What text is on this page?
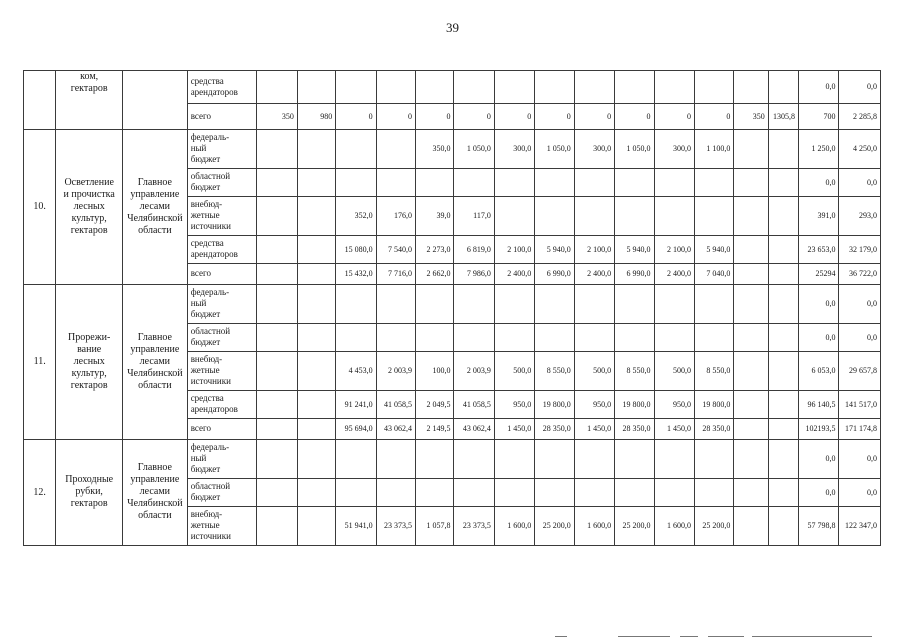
39
	ком,
гектаров		средства
арендаторов															0,0	0,0
			всего	350	980	0	0	0	0	0	0	0	0	0	0	350	1305,8	700	2 285,8
10.	Осветление
и прочистка
лесных
культур,
гектаров	Главное
управление
лесами
Челябинской
области	федераль-
ный
бюджет					350,0	1 050,0	300,0	1 050,0	300,0	1 050,0	300,0	1 100,0			1 250,0	4 250,0
			областной
бюджет															0,0	0,0
			внебюд-
жетные
источники			352,0	176,0	39,0	117,0									391,0	293,0
			средства
арендаторов			15 080,0	7 540,0	2 273,0	6 819,0	2 100,0	5 940,0	2 100,0	5 940,0	2 100,0	5 940,0			23 653,0	32 179,0
			всего			15 432,0	7 716,0	2 662,0	7 986,0	2 400,0	6 990,0	2 400,0	6 990,0	2 400,0	7 040,0			25294	36 722,0
11.	Прорежи-
вание
лесных
культур,
гектаров	Главное
управление
лесами
Челябинской
области	федераль-
ный
бюджет															0,0	0,0
			областной
бюджет															0,0	0,0
			внебюд-
жетные
источники			4 453,0	2 003,9	100,0	2 003,9	500,0	8 550,0	500,0	8 550,0	500,0	8 550,0			6 053,0	29 657,8
			средства
арендаторов			91 241,0	41 058,5	2 049,5	41 058,5	950,0	19 800,0	950,0	19 800,0	950,0	19 800,0			96 140,5	141 517,0
			всего			95 694,0	43 062,4	2 149,5	43 062,4	1 450,0	28 350,0	1 450,0	28 350,0	1 450,0	28 350,0			102193,5	171 174,8
12.	Проходные
рубки,
гектаров	Главное
управление
лесами
Челябинской
области	федераль-
ный
бюджет															0,0	0,0
			областной
бюджет															0,0	0,0
			внебюд-
жетные
источники			51 941,0	23 373,5	1 057,8	23 373,5	1 600,0	25 200,0	1 600,0	25 200,0	1 600,0	25 200,0			57 798,8	122 347,0
